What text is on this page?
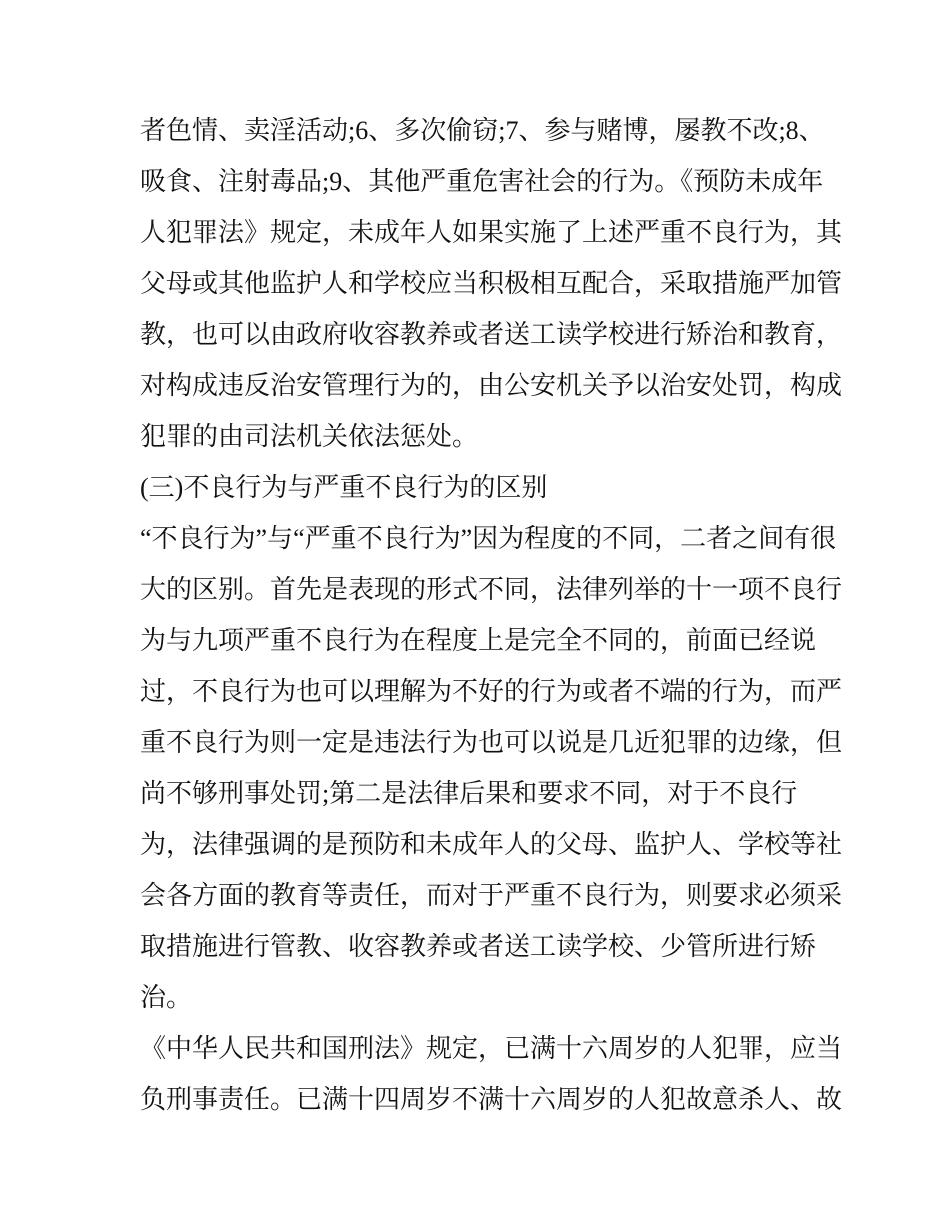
者色情、卖淫活动;6、多次偷窃;7、参与赌博，屡教不改;8、
吸食、注射毒品;9、其他严重危害社会的行为。《预防未成年
人犯罪法》规定，未成年人如果实施了上述严重不良行为，其
父母或其他监护人和学校应当积极相互配合，采取措施严加管
教，也可以由政府收容教养或者送工读学校进行矫治和教育，
对构成违反治安管理行为的，由公安机关予以治安处罚，构成
犯罪的由司法机关依法惩处。
(三)不良行为与严重不良行为的区别
“不良行为”与“严重不良行为”因为程度的不同，二者之间有很
大的区别。首先是表现的形式不同，法律列举的十一项不良行
为与九项严重不良行为在程度上是完全不同的，前面已经说
过，不良行为也可以理解为不好的行为或者不端的行为，而严
重不良行为则一定是违法行为也可以说是几近犯罪的边缘，但
尚不够刑事处罚;第二是法律后果和要求不同，对于不良行
为，法律强调的是预防和未成年人的父母、监护人、学校等社
会各方面的教育等责任，而对于严重不良行为，则要求必须采
取措施进行管教、收容教养或者送工读学校、少管所进行矫
治。
《中华人民共和国刑法》规定，已满十六周岁的人犯罪，应当
负刑事责任。已满十四周岁不满十六周岁的人犯故意杀人、故
